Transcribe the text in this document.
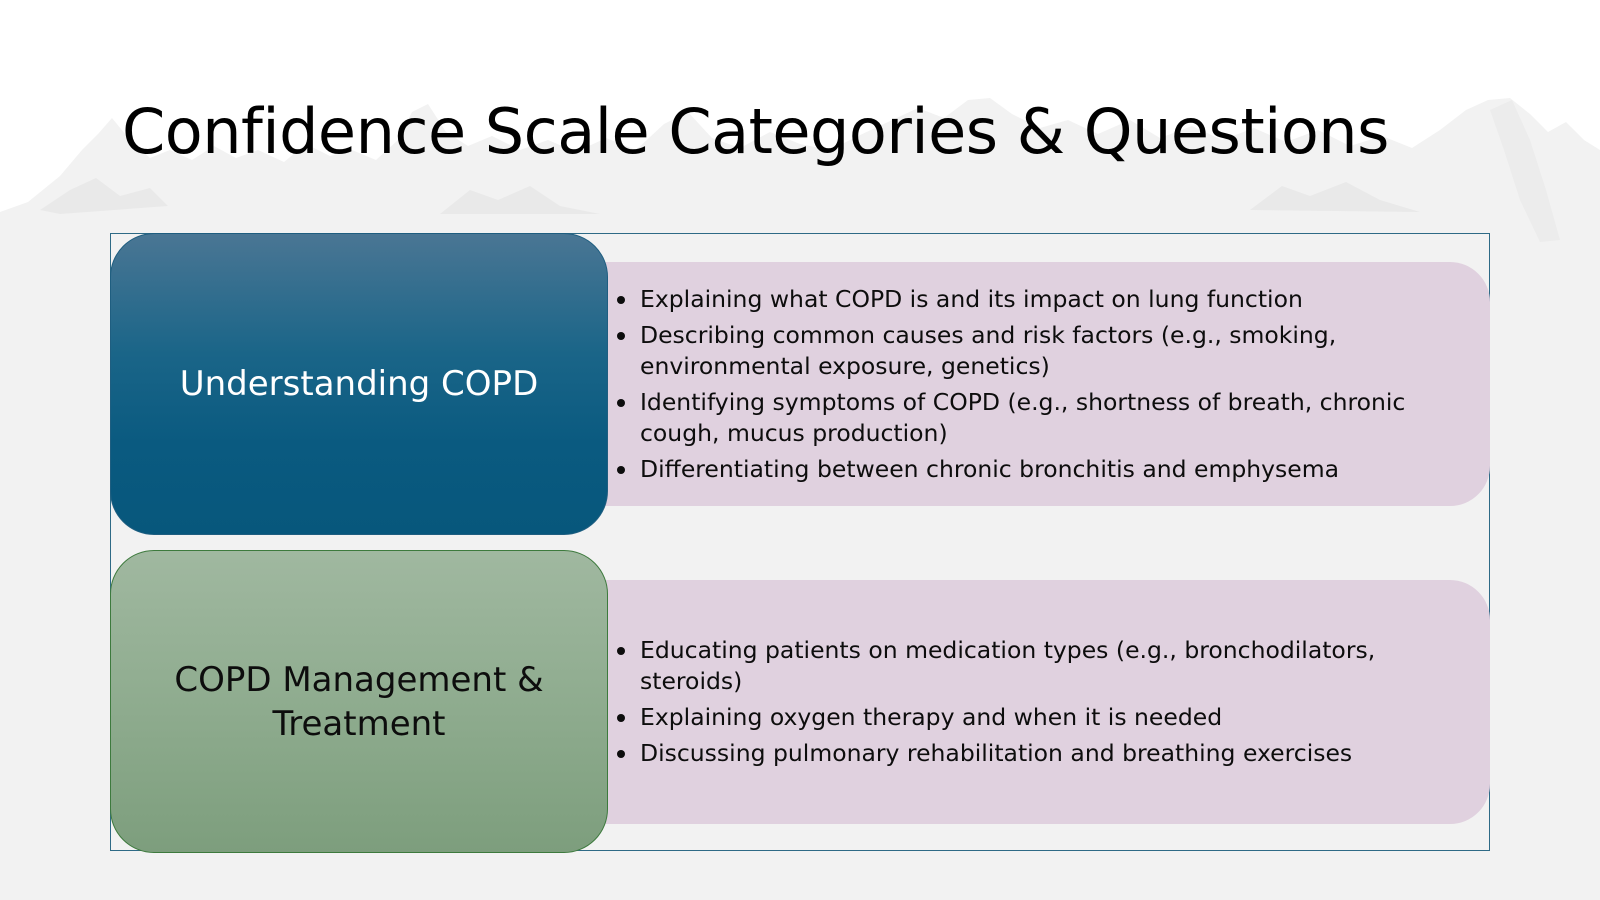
Confidence Scale Categories & Questions
Explaining what COPD is and its impact on lung function
Describing common causes and risk factors (e.g., smoking, environmental exposure, genetics)
Identifying symptoms of COPD (e.g., shortness of breath, chronic cough, mucus production)
Differentiating between chronic bronchitis and emphysema
Educating patients on medication types (e.g., bronchodilators, steroids)
Explaining oxygen therapy and when it is needed
Discussing pulmonary rehabilitation and breathing exercises
Understanding COPD
COPD Management & Treatment
